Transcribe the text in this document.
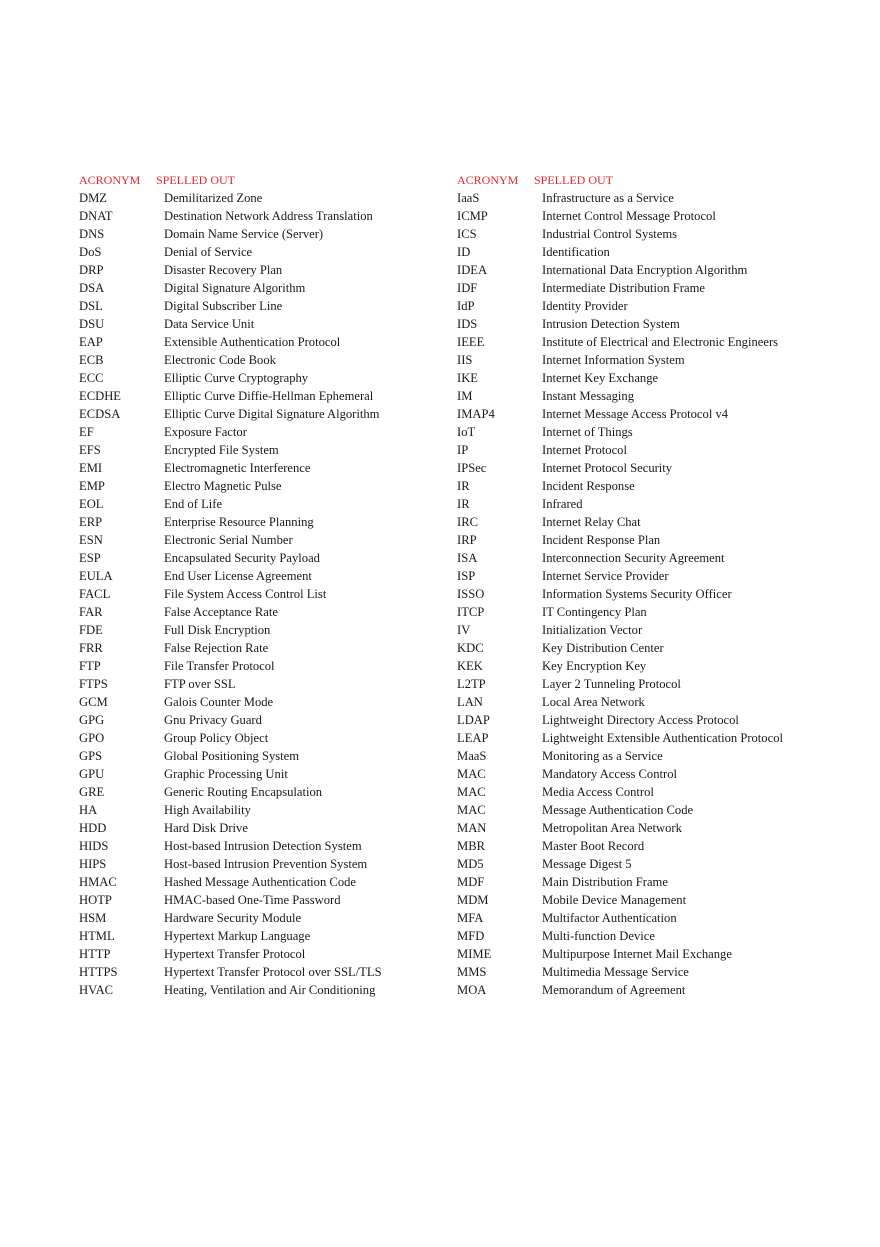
ACRONYM SPELLED OUT
DMZ	Demilitarized Zone
DNAT	Destination Network Address Translation
DNS	Domain Name Service (Server)
DoS	Denial of Service
DRP	Disaster Recovery Plan
DSA	Digital Signature Algorithm
DSL	Digital Subscriber Line
DSU	Data Service Unit
EAP	Extensible Authentication Protocol
ECB	Electronic Code Book
ECC	Elliptic Curve Cryptography
ECDHE	Elliptic Curve Diffie-Hellman Ephemeral
ECDSA	Elliptic Curve Digital Signature Algorithm
EF	Exposure Factor
EFS	Encrypted File System
EMI	Electromagnetic Interference
EMP	Electro Magnetic Pulse
EOL	End of Life
ERP	Enterprise Resource Planning
ESN	Electronic Serial Number
ESP	Encapsulated Security Payload
EULA	End User License Agreement
FACL	File System Access Control List
FAR	False Acceptance Rate
FDE	Full Disk Encryption
FRR	False Rejection Rate
FTP	File Transfer Protocol
FTPS	FTP over SSL
GCM	Galois Counter Mode
GPG	Gnu Privacy Guard
GPO	Group Policy Object
GPS	Global Positioning System
GPU	Graphic Processing Unit
GRE	Generic Routing Encapsulation
HA	High Availability
HDD	Hard Disk Drive
HIDS	Host-based Intrusion Detection System
HIPS	Host-based Intrusion Prevention System
HMAC	Hashed Message Authentication Code
HOTP	HMAC-based One-Time Password
HSM	Hardware Security Module
HTML	Hypertext Markup Language
HTTP	Hypertext Transfer Protocol
HTTPS	Hypertext Transfer Protocol over SSL/TLS
HVAC	Heating, Ventilation and Air Conditioning
ACRONYM SPELLED OUT
IaaS	Infrastructure as a Service
ICMP	Internet Control Message Protocol
ICS	Industrial Control Systems
ID	Identification
IDEA	International Data Encryption Algorithm
IDF	Intermediate Distribution Frame
IdP	Identity Provider
IDS	Intrusion Detection System
IEEE	Institute of Electrical and Electronic Engineers
IIS	Internet Information System
IKE	Internet Key Exchange
IM	Instant Messaging
IMAP4	Internet Message Access Protocol v4
IoT	Internet of Things
IP	Internet Protocol
IPSec	Internet Protocol Security
IR	Incident Response
IR	Infrared
IRC	Internet Relay Chat
IRP	Incident Response Plan
ISA	Interconnection Security Agreement
ISP	Internet Service Provider
ISSO	Information Systems Security Officer
ITCP	IT Contingency Plan
IV	Initialization Vector
KDC	Key Distribution Center
KEK	Key Encryption Key
L2TP	Layer 2 Tunneling Protocol
LAN	Local Area Network
LDAP	Lightweight Directory Access Protocol
LEAP	Lightweight Extensible Authentication Protocol
MaaS	Monitoring as a Service
MAC	Mandatory Access Control
MAC	Media Access Control
MAC	Message Authentication Code
MAN	Metropolitan Area Network
MBR	Master Boot Record
MD5	Message Digest 5
MDF	Main Distribution Frame
MDM	Mobile Device Management
MFA	Multifactor Authentication
MFD	Multi-function Device
MIME	Multipurpose Internet Mail Exchange
MMS	Multimedia Message Service
MOA	Memorandum of Agreement
